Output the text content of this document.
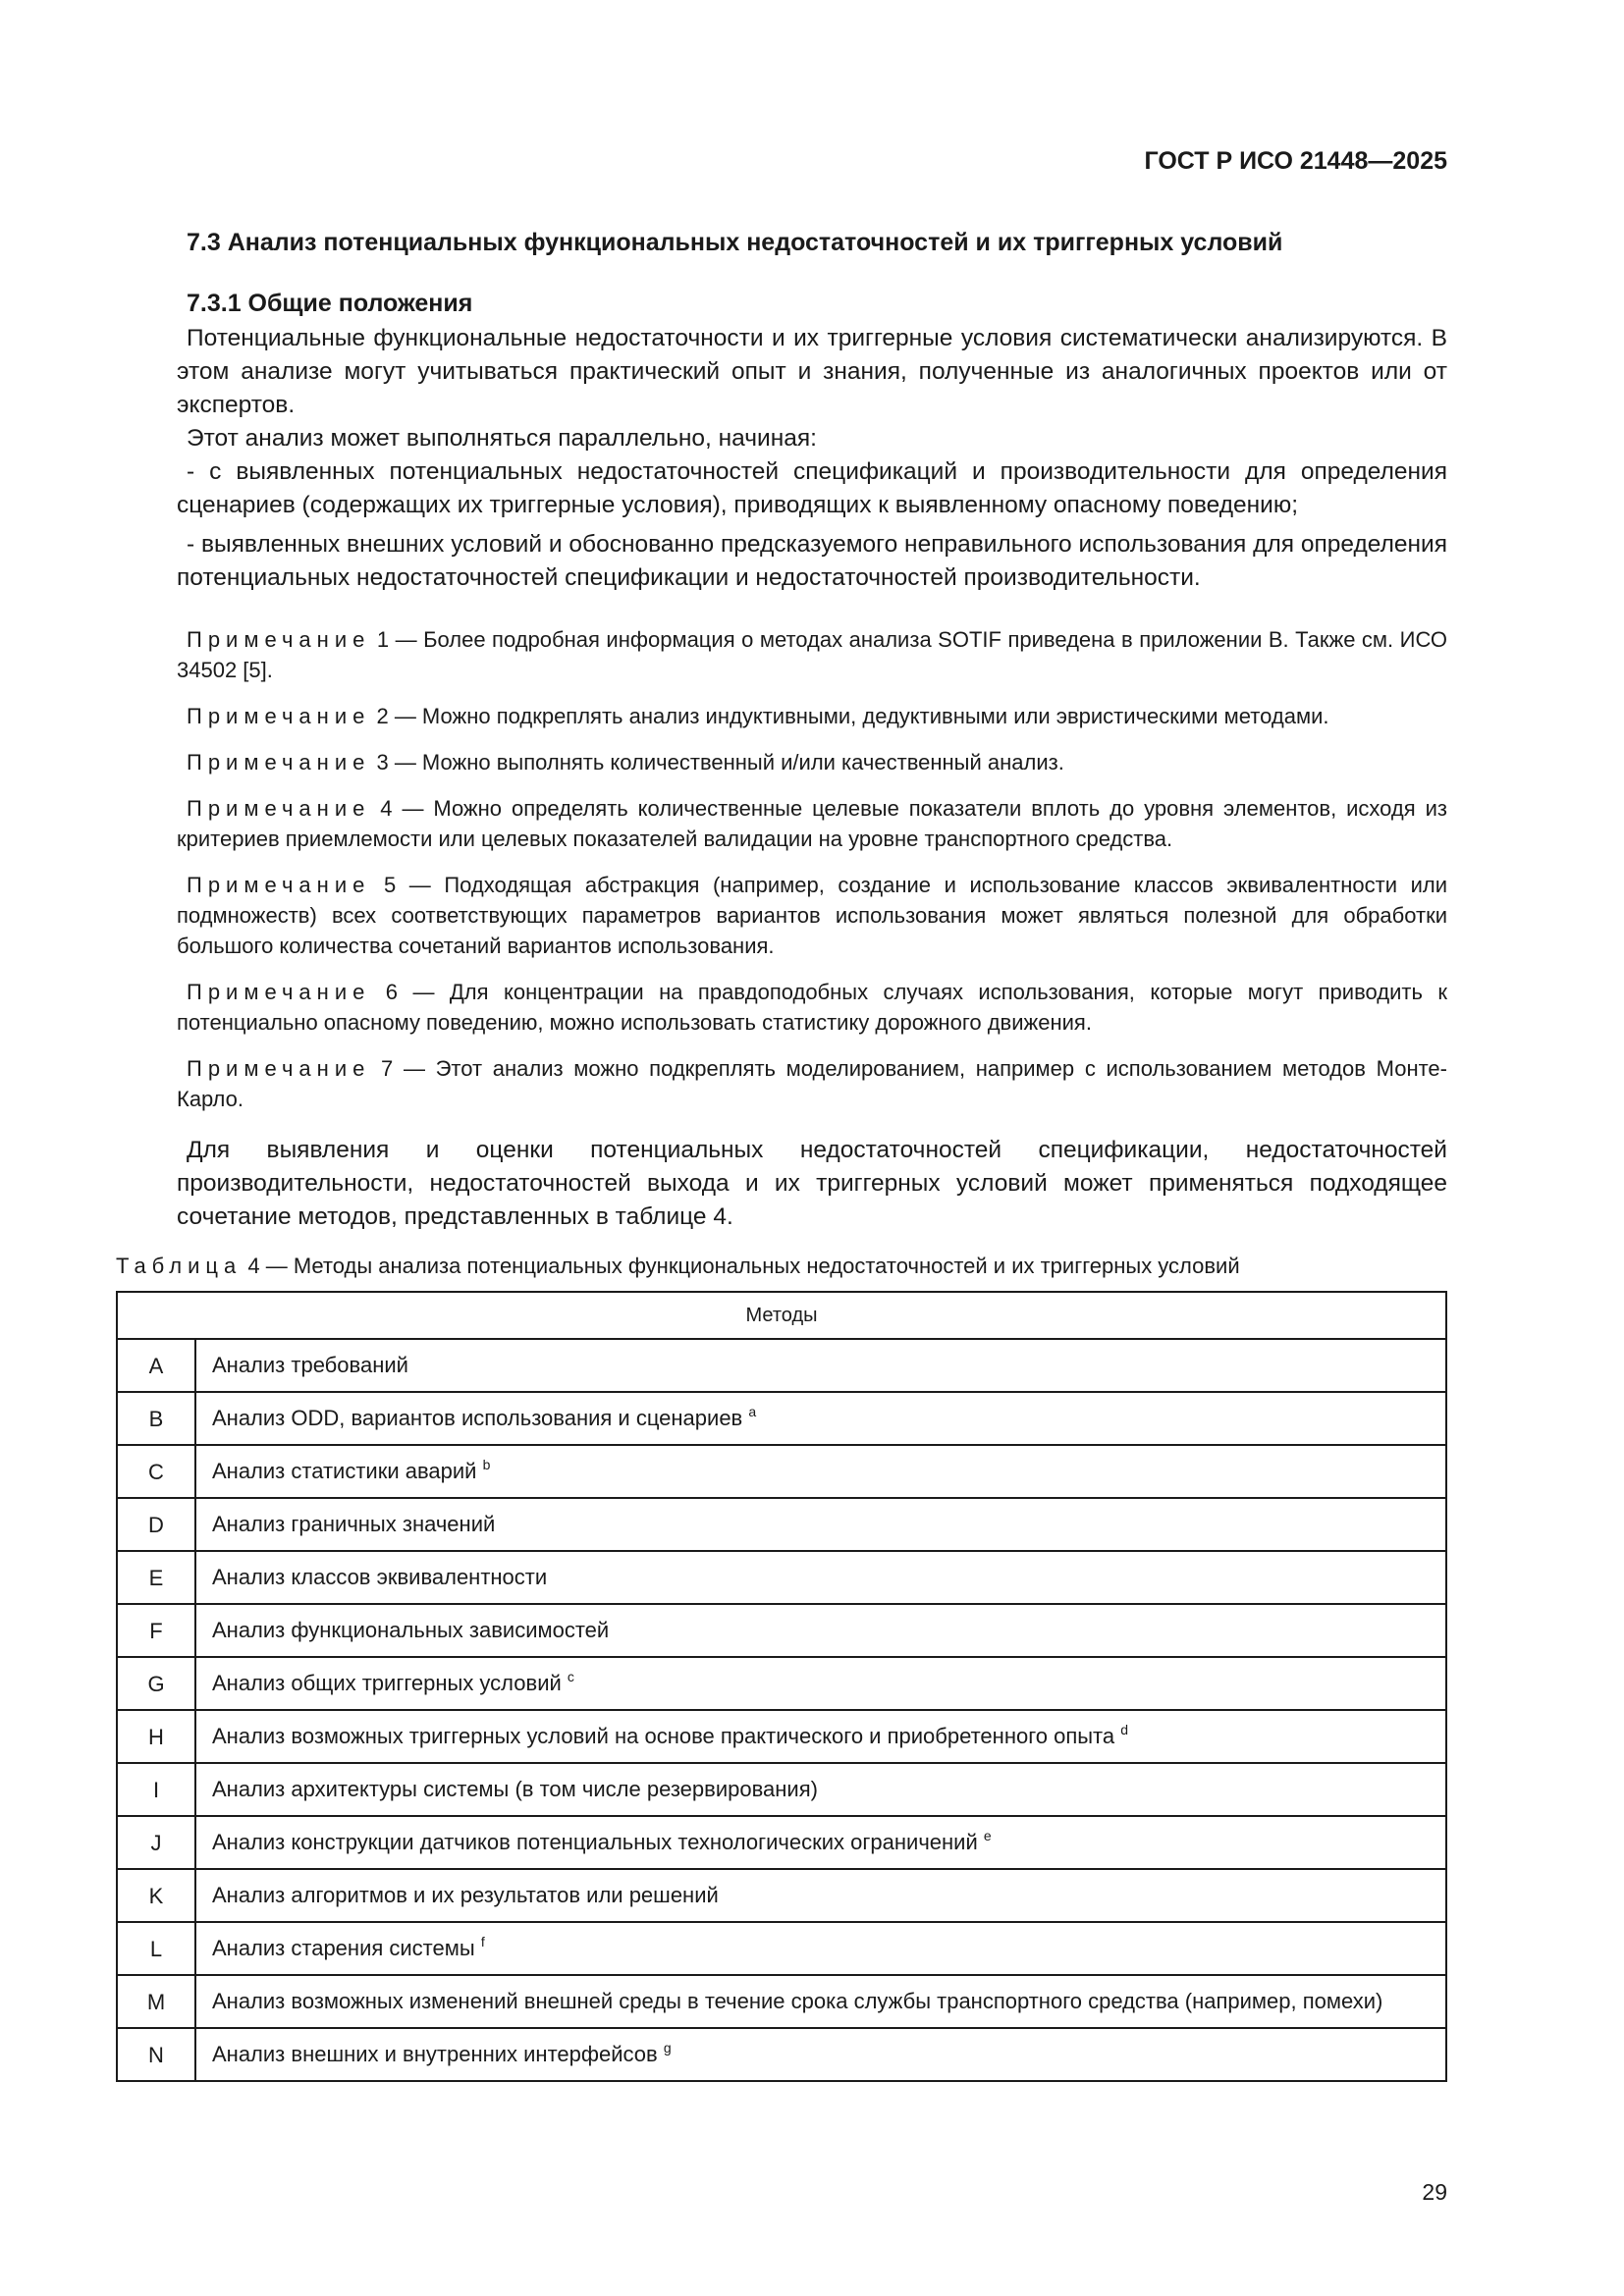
ГОСТ Р ИСО 21448—2025
7.3 Анализ потенциальных функциональных недостаточностей и их триггерных условий
7.3.1 Общие положения

Потенциальные функциональные недостаточности и их триггерные условия систематически анализируются. В этом анализе могут учитываться практический опыт и знания, полученные из аналогичных проектов или от экспертов.

Этот анализ может выполняться параллельно, начиная:

- с выявленных потенциальных недостаточностей спецификаций и производительности для определения сценариев (содержащих их триггерные условия), приводящих к выявленному опасному поведению;

- выявленных внешних условий и обоснованно предсказуемого неправильного использования для определения потенциальных недостаточностей спецификации и недостаточностей производительности.

Примечание 1 — Более подробная информация о методах анализа SOTIF приведена в приложении В. Также см. ИСО 34502 [5].

Примечание 2 — Можно подкреплять анализ индуктивными, дедуктивными или эвристическими методами.

Примечание 3 — Можно выполнять количественный и/или качественный анализ.

Примечание 4 — Можно определять количественные целевые показатели вплоть до уровня элементов, исходя из критериев приемлемости или целевых показателей валидации на уровне транспортного средства.

Примечание 5 — Подходящая абстракция (например, создание и использование классов эквивалентности или подмножеств) всех соответствующих параметров вариантов использования может являться полезной для обработки большого количества сочетаний вариантов использования.

Примечание 6 — Для концентрации на правдоподобных случаях использования, которые могут приводить к потенциально опасному поведению, можно использовать статистику дорожного движения.

Примечание 7 — Этот анализ можно подкреплять моделированием, например с использованием методов Монте-Карло.

Для выявления и оценки потенциальных недостаточностей спецификации, недостаточностей производительности, недостаточностей выхода и их триггерных условий может применяться подходящее сочетание методов, представленных в таблице 4.

Таблица 4 — Методы анализа потенциальных функциональных недостаточностей и их триггерных условий
Методы	
A	Анализ требований
B	Анализ ODD, вариантов использования и сценариев $^a$
C	Анализ статистики аварий $^b$
D	Анализ граничных значений
E	Анализ классов эквивалентности
F	Анализ функциональных зависимостей
G	Анализ общих триггерных условий $^c$
H	Анализ возможных триггерных условий на основе практического и приобретенного опыта $^d$
I	Анализ архитектуры системы (в том числе резервирования)
J	Анализ конструкции датчиков потенциальных технологических ограничений $^e$
K	Анализ алгоритмов и их результатов или решений
L	Анализ старения системы $^f$
M	Анализ возможных изменений внешней среды в течение срока службы транспортного средства (например, помехи)
N	Анализ внешних и внутренних интерфейсов $^g$
29
